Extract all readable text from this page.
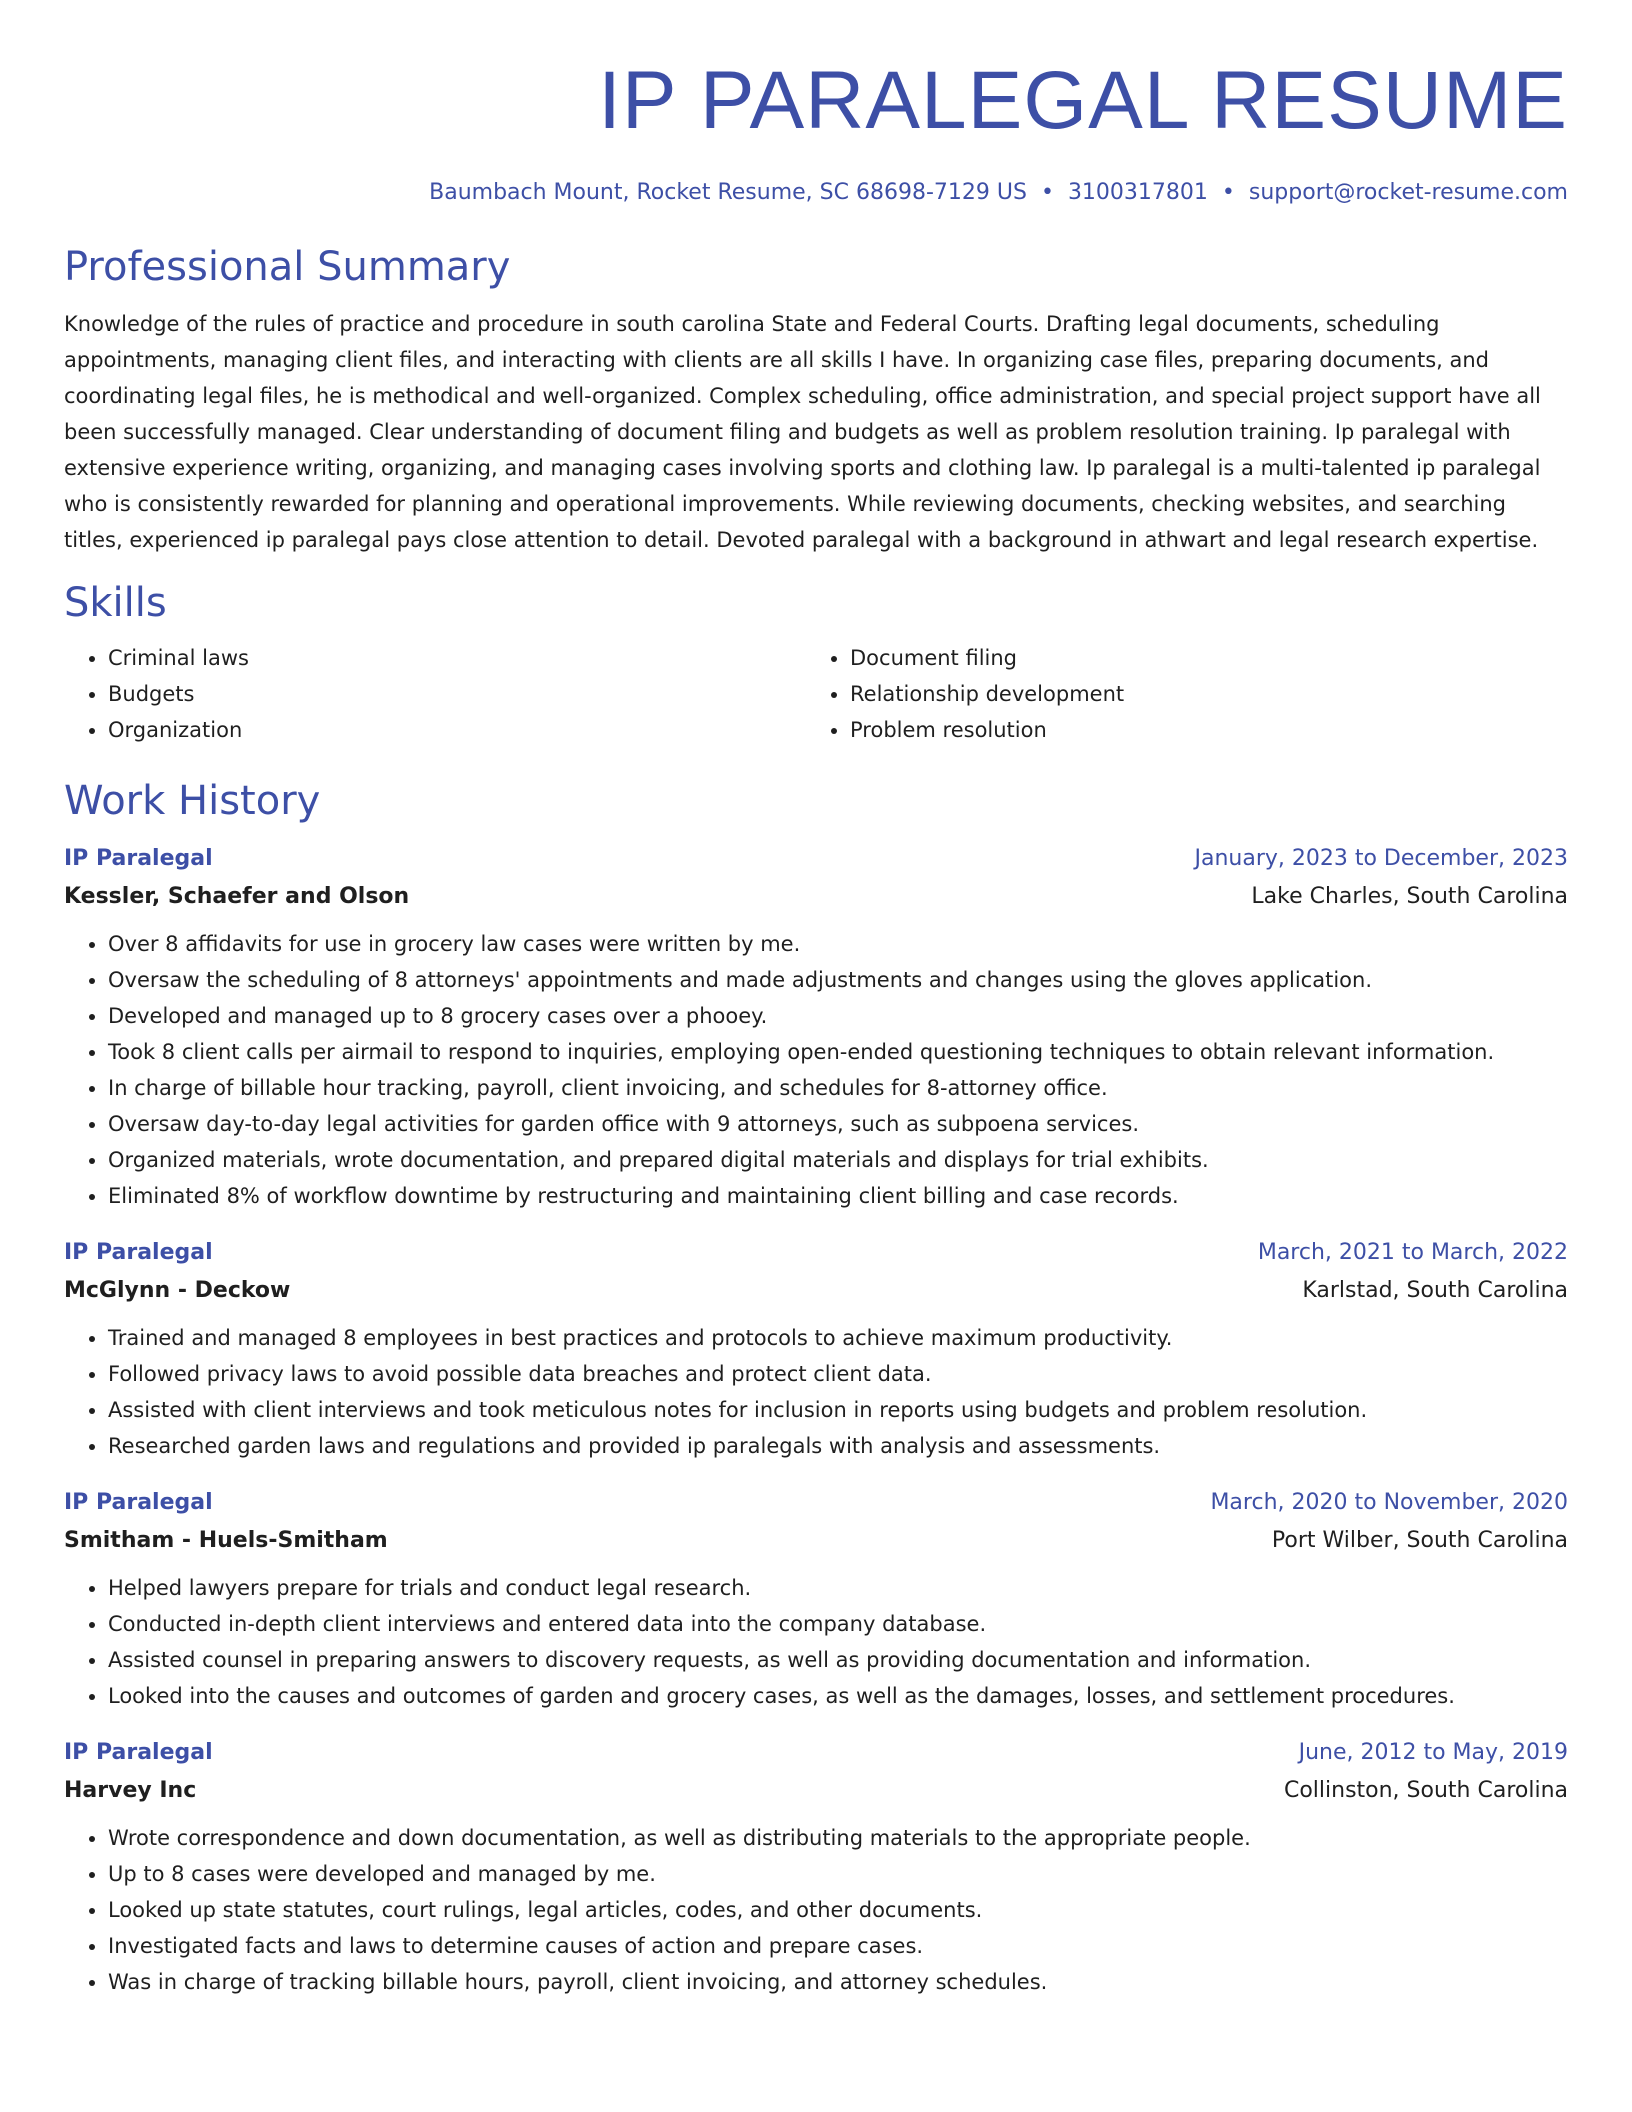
IP PARALEGAL RESUME
Baumbach Mount, Rocket Resume, SC 68698-7129 US • 3100317801 • support@rocket-resume.com
Professional Summary

Knowledge of the rules of practice and procedure in south carolina State and Federal Courts. Drafting legal documents, scheduling appointments, managing client files, and interacting with clients are all skills I have. In organizing case files, preparing documents, and coordinating legal files, he is methodical and well-organized. Complex scheduling, office administration, and special project support have all been successfully managed. Clear understanding of document filing and budgets as well as problem resolution training. Ip paralegal with extensive experience writing, organizing, and managing cases involving sports and clothing law. Ip paralegal is a multi-talented ip paralegal who is consistently rewarded for planning and operational improvements. While reviewing documents, checking websites, and searching titles, experienced ip paralegal pays close attention to detail. Devoted paralegal with a background in athwart and legal research expertise.

Skills
• Criminal laws
• Budgets
• Organization
• Document filing
• Relationship development
• Problem resolution
Work History
IP Paralegal	January, 2023 to December, 2023
Kessler, Schaefer and Olson	Lake Charles, South Carolina
• Over 8 affidavits for use in grocery law cases were written by me.
• Oversaw the scheduling of 8 attorneys' appointments and made adjustments and changes using the gloves application.
• Developed and managed up to 8 grocery cases over a phooey.
• Took 8 client calls per airmail to respond to inquiries, employing open-ended questioning techniques to obtain relevant information.
• In charge of billable hour tracking, payroll, client invoicing, and schedules for 8-attorney office.
• Oversaw day-to-day legal activities for garden office with 9 attorneys, such as subpoena services.
• Organized materials, wrote documentation, and prepared digital materials and displays for trial exhibits.
• Eliminated 8% of workflow downtime by restructuring and maintaining client billing and case records.
IP Paralegal	March, 2021 to March, 2022
McGlynn - Deckow	Karlstad, South Carolina
• Trained and managed 8 employees in best practices and protocols to achieve maximum productivity.
• Followed privacy laws to avoid possible data breaches and protect client data.
• Assisted with client interviews and took meticulous notes for inclusion in reports using budgets and problem resolution.
• Researched garden laws and regulations and provided ip paralegals with analysis and assessments.
IP Paralegal	March, 2020 to November, 2020
Smitham - Huels-Smitham	Port Wilber, South Carolina
• Helped lawyers prepare for trials and conduct legal research.
• Conducted in-depth client interviews and entered data into the company database.
• Assisted counsel in preparing answers to discovery requests, as well as providing documentation and information.
• Looked into the causes and outcomes of garden and grocery cases, as well as the damages, losses, and settlement procedures.
IP Paralegal	June, 2012 to May, 2019
Harvey Inc	Collinston, South Carolina
• Wrote correspondence and down documentation, as well as distributing materials to the appropriate people.
• Up to 8 cases were developed and managed by me.
• Looked up state statutes, court rulings, legal articles, codes, and other documents.
• Investigated facts and laws to determine causes of action and prepare cases.
• Was in charge of tracking billable hours, payroll, client invoicing, and attorney schedules.
